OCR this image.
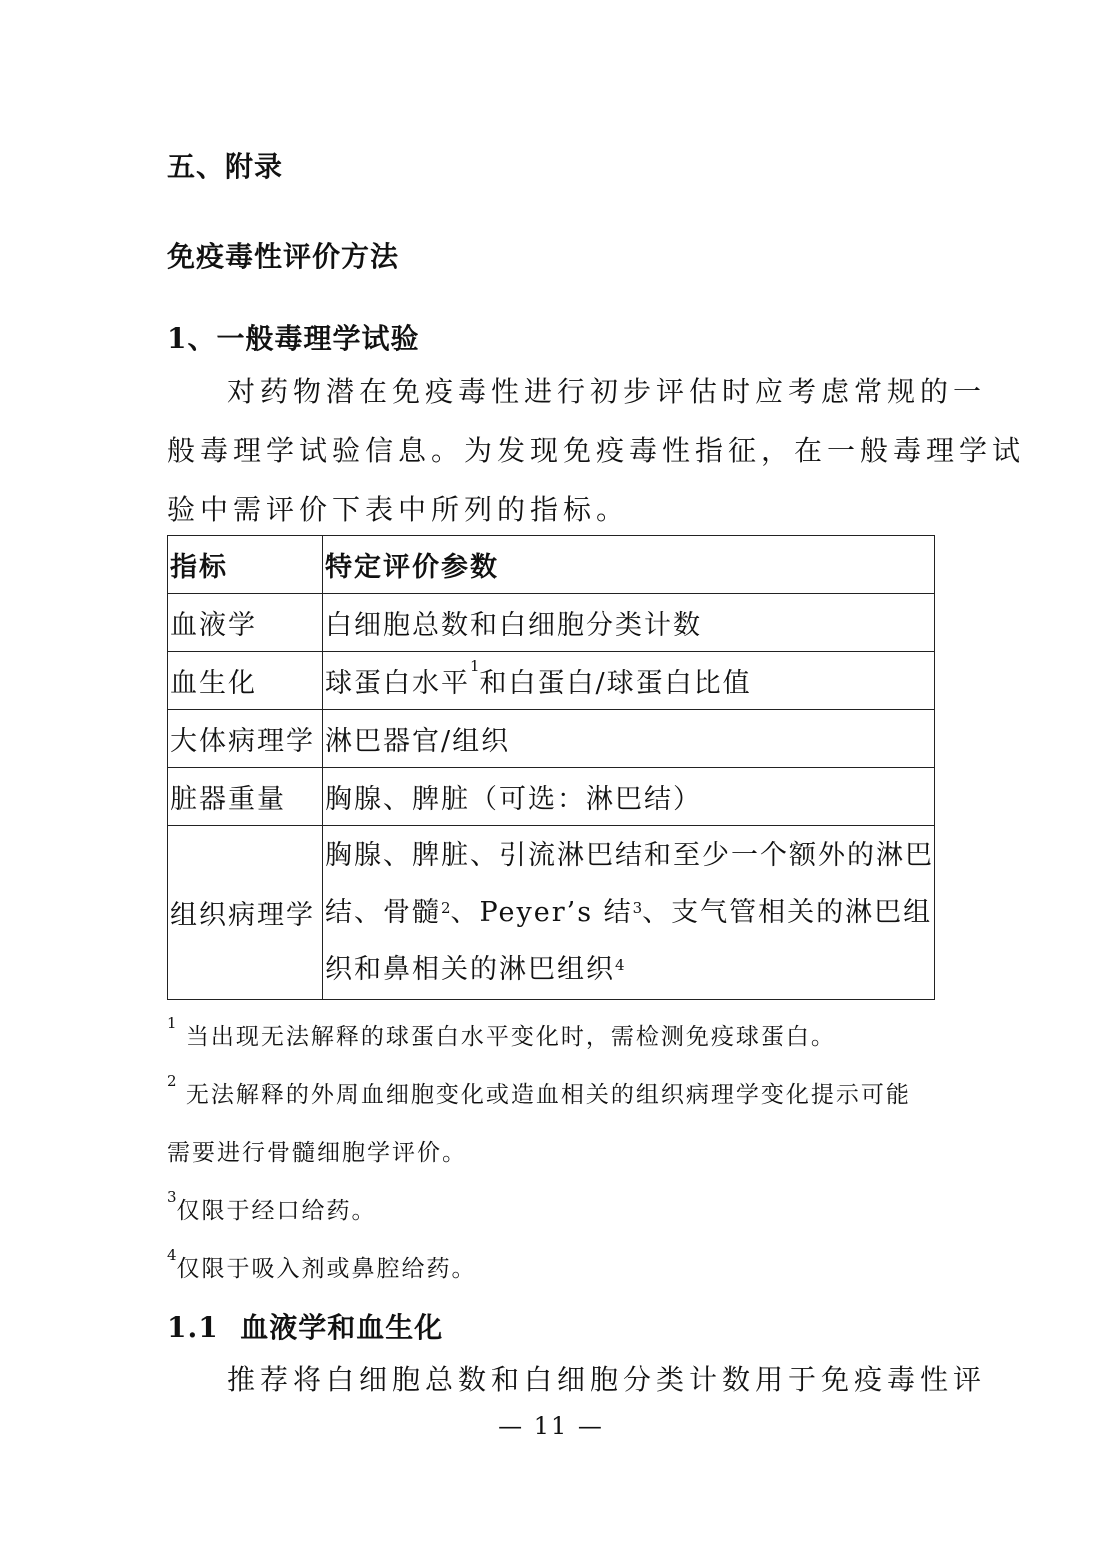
五、附录
免疫毒性评价方法
1、一般毒理学试验
对药物潜在免疫毒性进行初步评估时应考虑常规的一
般毒理学试验信息。为发现免疫毒性指征，在一般毒理学试
验中需评价下表中所列的指标。
指标	特定评价参数
血液学	白细胞总数和白细胞分类计数
血生化	球蛋白水平$^1$和白蛋白/球蛋白比值
大体病理学	淋巴器官/组织
脏器重量	胸腺、脾脏（可选：淋巴结）
组织病理学	胸腺、脾脏、引流淋巴结和至少一个额外的淋巴
结、骨髓$^2$、Peyer’s 结$^3$、支气管相关的淋巴组
织和鼻相关的淋巴组织$^4$
$^1$ 当出现无法解释的球蛋白水平变化时，需检测免疫球蛋白。
$^2$ 无法解释的外周血细胞变化或造血相关的组织病理学变化提示可能
需要进行骨髓细胞学评价。
$^3$仅限于经口给药。
$^4$仅限于吸入剂或鼻腔给药。
1.1 血液学和血生化
推荐将白细胞总数和白细胞分类计数用于免疫毒性评
— 11 —
